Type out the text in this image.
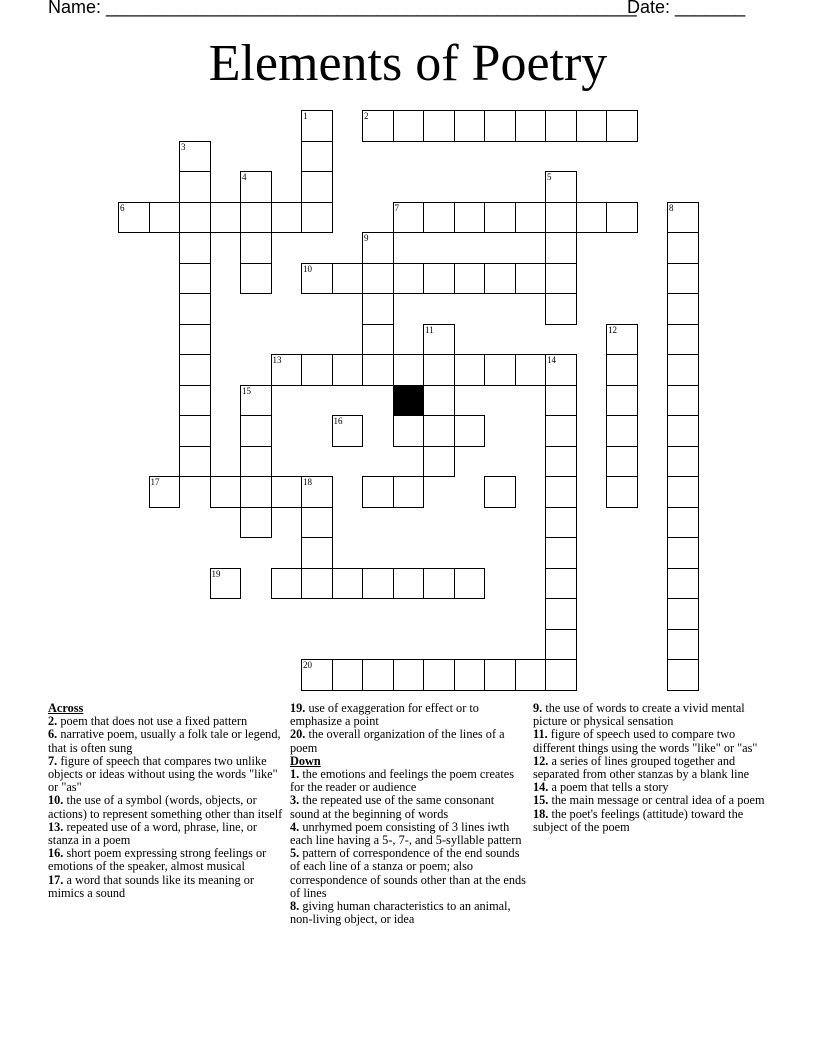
Name: _____________________________________________________
Date: _______
Elements of Poetry
1	2
3
4	5
6	7	8
9
10
11	12
13	14
15
16
17	18
19
20
Across

2. poem that does not use a fixed pattern

6. narrative poem, usually a folk tale or legend, that is often sung

7. figure of speech that compares two unlike objects or ideas without using the words "like" or "as"

10. the use of a symbol (words, objects, or actions) to represent something other than itself

13. repeated use of a word, phrase, line, or stanza in a poem

16. short poem expressing strong feelings or emotions of the speaker, almost musical

17. a word that sounds like its meaning or mimics a sound

19. use of exaggeration for effect or to emphasize a point

20. the overall organization of the lines of a poem

Down

1. the emotions and feelings the poem creates for the reader or audience

3. the repeated use of the same consonant sound at the beginning of words

4. unrhymed poem consisting of 3 lines iwth each line having a 5-, 7-, and 5-syllable pattern

5. pattern of correspondence of the end sounds of each line of a stanza or poem; also correspondence of sounds other than at the ends of lines

8. giving human characteristics to an animal, non-living object, or idea

9. the use of words to create a vivid mental picture or physical sensation

11. figure of speech used to compare two different things using the words "like" or "as"

12. a series of lines grouped together and separated from other stanzas by a blank line

14. a poem that tells a story

15. the main message or central idea of a poem

18. the poet's feelings (attitude) toward the subject of the poem
